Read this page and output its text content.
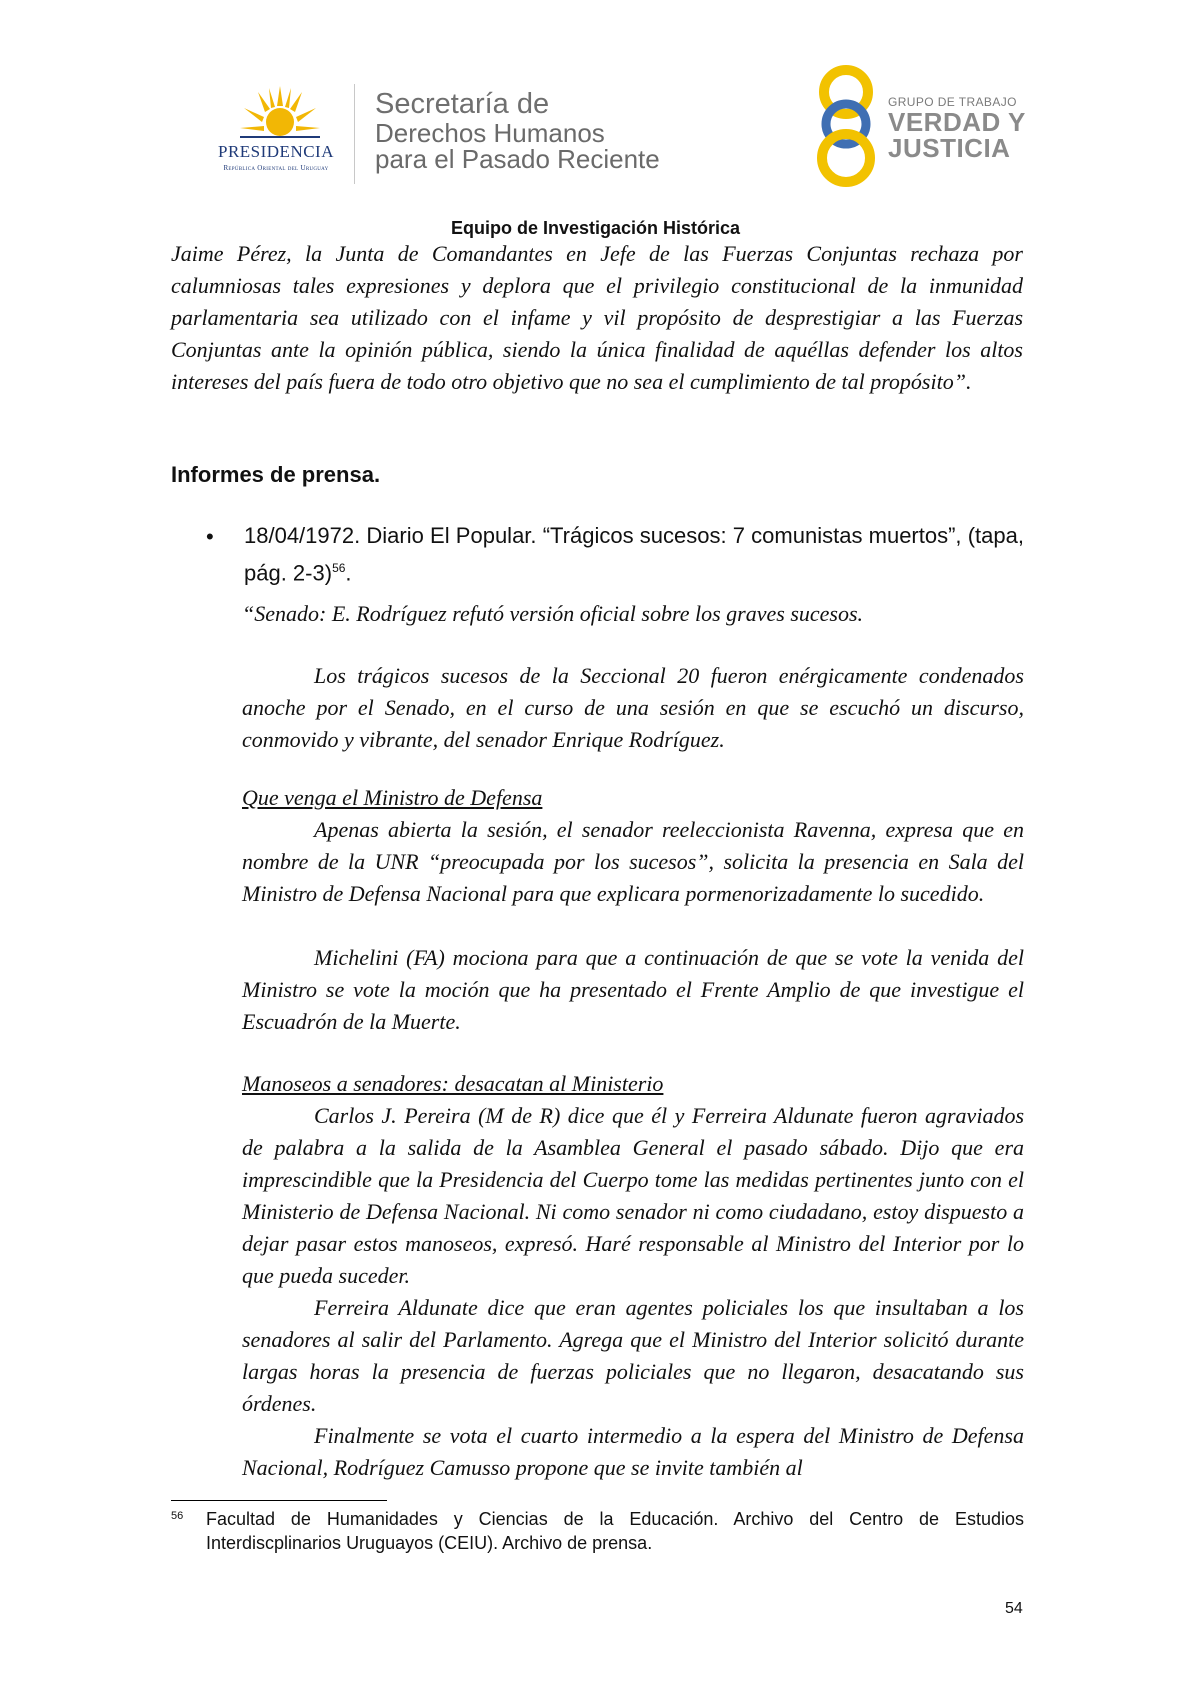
PRESIDENCIA
República Oriental del Uruguay
Secretaría de
Derechos Humanos
para el Pasado Reciente
GRUPO DE TRABAJO
VERDAD Y
JUSTICIA
Equipo de Investigación Histórica
Jaime Pérez, la Junta de Comandantes en Jefe de las Fuerzas Conjuntas rechaza por calumniosas tales expresiones y deplora que el privilegio constitucional de la inmunidad parlamentaria sea utilizado con el infame y vil propósito de desprestigiar a las Fuerzas Conjuntas ante la opinión pública, siendo la única finalidad de aquéllas defender los altos intereses del país fuera de todo otro objetivo que no sea el cumplimiento de tal propósito”.
Informes de prensa.
• 18/04/1972. Diario El Popular. “Trágicos sucesos: 7 comunistas muertos”, (tapa, pág. 2-3)$^{56}$.
“Senado: E. Rodríguez refutó versión oficial sobre los graves sucesos.
Los trágicos sucesos de la Seccional 20 fueron enérgicamente condenados anoche por el Senado, en el curso de una sesión en que se escuchó un discurso, conmovido y vibrante, del senador Enrique Rodríguez.
Que venga el Ministro de Defensa
Apenas abierta la sesión, el senador reeleccionista Ravenna, expresa que en nombre de la UNR “preocupada por los sucesos”, solicita la presencia en Sala del Ministro de Defensa Nacional para que explicara pormenorizadamente lo sucedido.
Michelini (FA) mociona para que a continuación de que se vote la venida del Ministro se vote la moción que ha presentado el Frente Amplio de que investigue el Escuadrón de la Muerte.
Manoseos a senadores: desacatan al Ministerio
Carlos J. Pereira (M de R) dice que él y Ferreira Aldunate fueron agraviados de palabra a la salida de la Asamblea General el pasado sábado. Dijo que era imprescindible que la Presidencia del Cuerpo tome las medidas pertinentes junto con el Ministerio de Defensa Nacional. Ni como senador ni como ciudadano, estoy dispuesto a dejar pasar estos manoseos, expresó. Haré responsable al Ministro del Interior por lo que pueda suceder.
Ferreira Aldunate dice que eran agentes policiales los que insultaban a los senadores al salir del Parlamento. Agrega que el Ministro del Interior solicitó durante largas horas la presencia de fuerzas policiales que no llegaron, desacatando sus órdenes.
Finalmente se vota el cuarto intermedio a la espera del Ministro de Defensa Nacional, Rodríguez Camusso propone que se invite también al
56 Facultad de Humanidades y Ciencias de la Educación. Archivo del Centro de Estudios Interdiscplinarios Uruguayos (CEIU). Archivo de prensa.
54
